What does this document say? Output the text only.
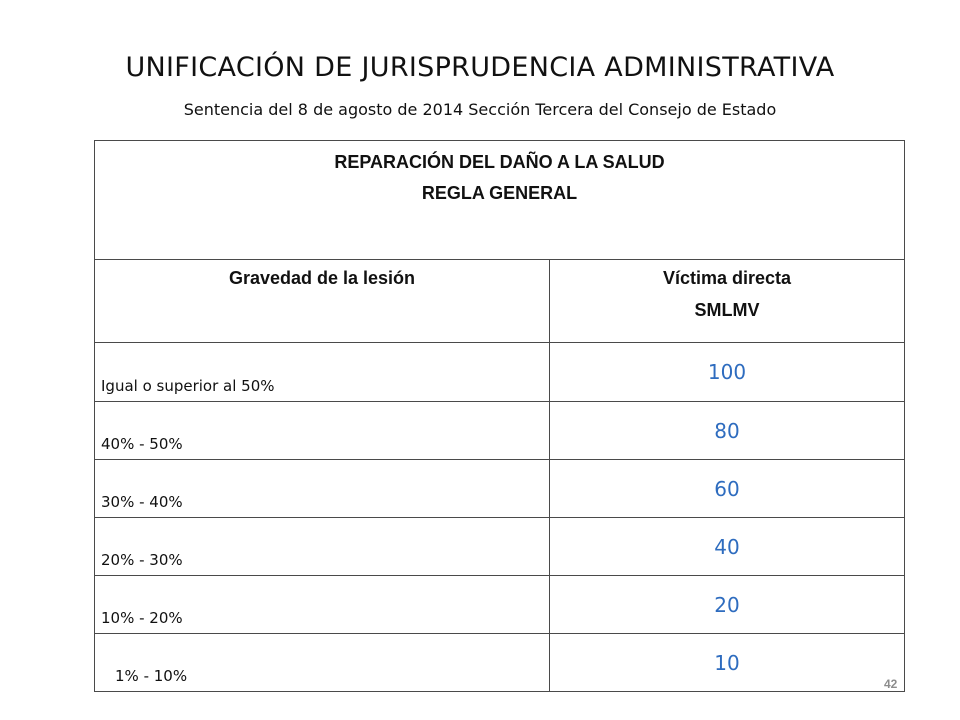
UNIFICACIÓN DE JURISPRUDENCIA ADMINISTRATIVA
Sentencia del 8 de agosto de 2014 Sección Tercera del Consejo de Estado
REPARACIÓN DEL DAÑO A LA SALUD
REGLA GENERAL	

Gravedad de la lesión	Víctima directa
SMLMV

Igual o superior al 50%	100
40% - 50%	80
30% - 40%	60
20% - 30%	40
10% - 20%	20
1% - 10%	10
42
